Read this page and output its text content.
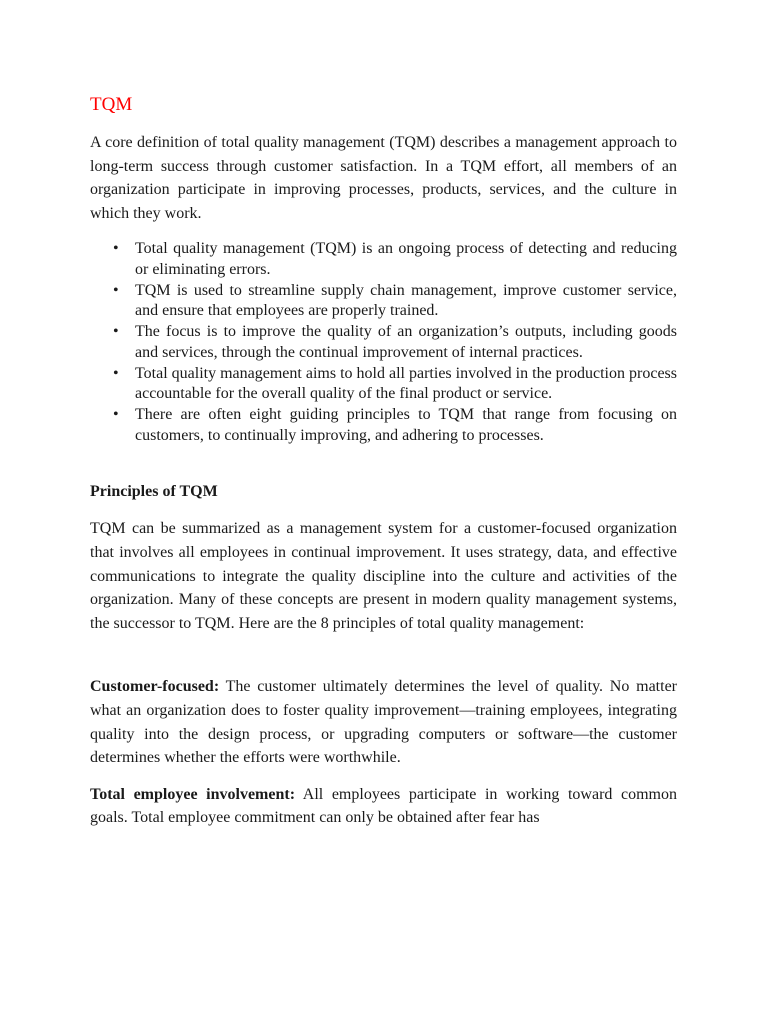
TQM

A core definition of total quality management (TQM) describes a management approach to long-term success through customer satisfaction. In a TQM effort, all members of an organization participate in improving processes, products, services, and the culture in which they work.

• Total quality management (TQM) is an ongoing process of detecting and reducing or eliminating errors.
• TQM is used to streamline supply chain management, improve customer service, and ensure that employees are properly trained.
• The focus is to improve the quality of an organization’s outputs, including goods and services, through the continual improvement of internal practices.
• Total quality management aims to hold all parties involved in the production process accountable for the overall quality of the final product or service.
• There are often eight guiding principles to TQM that range from focusing on customers, to continually improving, and adhering to processes.
Principles of TQM

TQM can be summarized as a management system for a customer-focused organization that involves all employees in continual improvement. It uses strategy, data, and effective communications to integrate the quality discipline into the culture and activities of the organization. Many of these concepts are present in modern quality management systems, the successor to TQM. Here are the 8 principles of total quality management:

Customer-focused: The customer ultimately determines the level of quality. No matter what an organization does to foster quality improvement—training employees, integrating quality into the design process, or upgrading computers or software—the customer determines whether the efforts were worthwhile.

Total employee involvement: All employees participate in working toward common goals. Total employee commitment can only be obtained after fear has
